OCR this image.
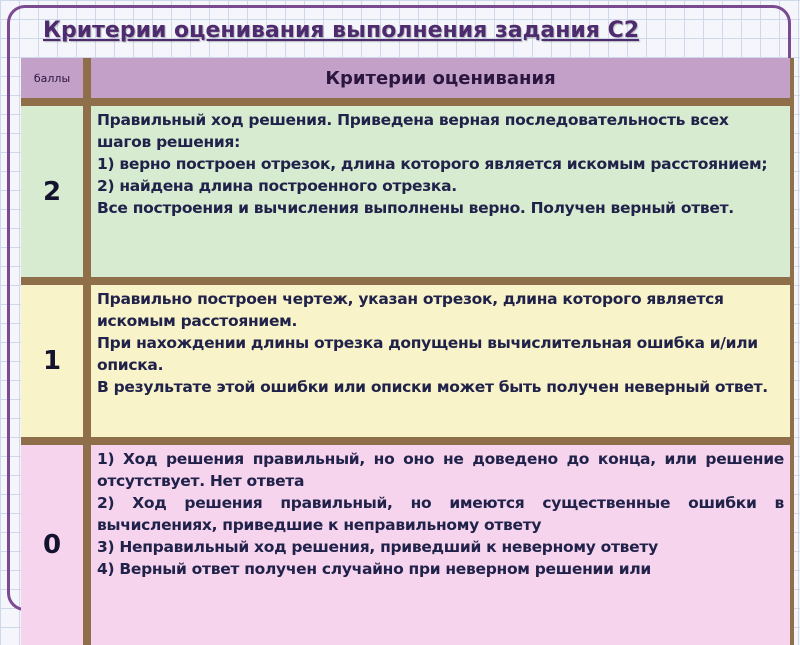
Критерии оценивания выполнения задания С2
баллы	Критерии оценивания
2
Правильный ход решения. Приведена верная последовательность всех шагов решения:
1) верно построен отрезок, длина которого является искомым расстоянием;
2) найдена длина построенного отрезка.
Все построения и вычисления выполнены верно. Получен верный ответ.
1
Правильно построен чертеж, указан отрезок, длина которого является искомым расстоянием.
При нахождении длины отрезка допущены вычислительная ошибка и/или описка.
В результате этой ошибки или описки может быть получен неверный ответ.
0
1) Ход решения правильный, но оно не доведено до конца, или решение отсутствует. Нет ответа
2) Ход решения правильный, но имеются существенные ошибки в вычислениях, приведшие к неправильному ответу
3) Неправильный ход решения, приведший к неверному ответу
4) Верный ответ получен случайно при неверном решении или
